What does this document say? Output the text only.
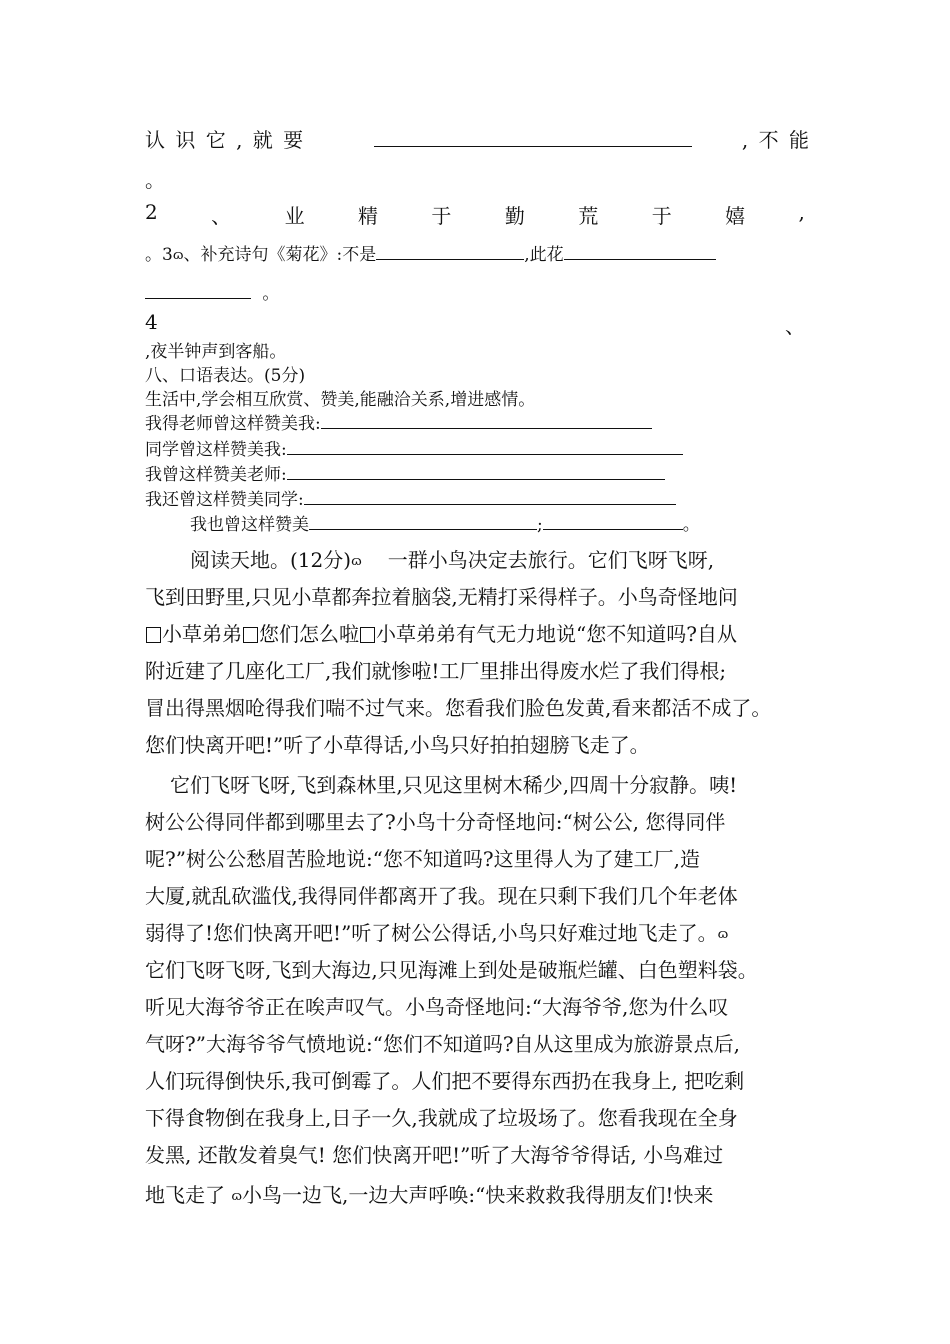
认 识 它 , 就 要	, 不 能
。
2	、	业	精	于	勤	荒	于	嬉	,
。3ɷ、补充诗句《菊花》:不是	,此花
。
4	、
,夜半钟声到客船。
八、口语表达。(5分)
生活中,学会相互欣赏、赞美,能融洽关系,增进感情。
我得老师曾这样赞美我:
同学曾这样赞美我:
我曾这样赞美老师:
我还曾这样赞美同学:
我也曾这样赞美	;	。
阅读天地。(12分)ɷ 一群小鸟决定去旅行。它们飞呀飞呀,
飞到田野里,只见小草都奔拉着脑袋,无精打采得样子。小鸟奇怪地问
小草弟弟 您们怎么啦 小草弟弟有气无力地说“您不知道吗?自从
附近建了几座化工厂,我们就惨啦!工厂里排出得废水烂了我们得根;
冒出得黑烟呛得我们喘不过气来。您看我们脸色发黄,看来都活不成了。
您们快离开吧!”听了小草得话,小鸟只好拍拍翅膀飞走了。
它们飞呀飞呀,飞到森林里,只见这里树木稀少,四周十分寂静。咦!
树公公得同伴都到哪里去了?小鸟十分奇怪地问:“树公公, 您得同伴
呢?”树公公愁眉苦脸地说:“您不知道吗?这里得人为了建工厂,造
大厦,就乱砍滥伐,我得同伴都离开了我。现在只剩下我们几个年老体
弱得了!您们快离开吧!”听了树公公得话,小鸟只好难过地飞走了。ɷ
它们飞呀飞呀,飞到大海边,只见海滩上到处是破瓶烂罐、白色塑料袋。
听见大海爷爷正在唉声叹气。小鸟奇怪地问:“大海爷爷,您为什么叹
气呀?”大海爷爷气愤地说:“您们不知道吗?自从这里成为旅游景点后,
人们玩得倒快乐,我可倒霉了。人们把不要得东西扔在我身上, 把吃剩
下得食物倒在我身上,日子一久,我就成了垃圾场了。您看我现在全身
发黑, 还散发着臭气! 您们快离开吧!”听了大海爷爷得话, 小鸟难过
地飞走了 ɷ小鸟一边飞,一边大声呼唤:“快来救救我得朋友们!快来
